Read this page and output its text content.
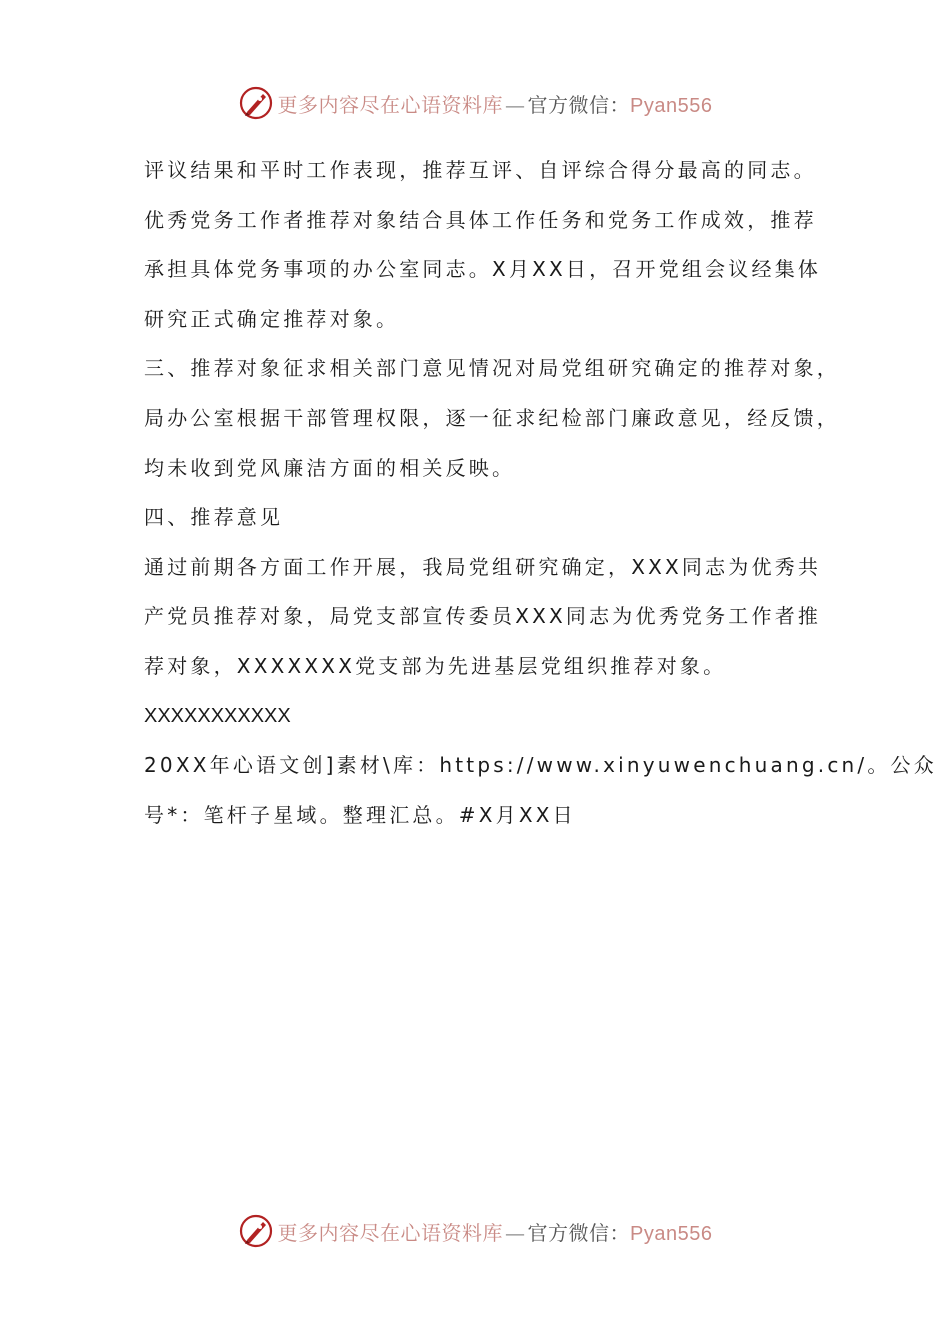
更多内容尽在心语资料库 — 官方微信：Pyan556

评议结果和平时工作表现，推荐互评、自评综合得分最高的同志。

优秀党务工作者推荐对象结合具体工作任务和党务工作成效，推荐

承担具体党务事项的办公室同志。X月XX日，召开党组会议经集体

研究正式确定推荐对象。

三、推荐对象征求相关部门意见情况对局党组研究确定的推荐对象，

局办公室根据干部管理权限，逐一征求纪检部门廉政意见，经反馈，

均未收到党风廉洁方面的相关反映。

四、推荐意见

通过前期各方面工作开展，我局党组研究确定，XXX同志为优秀共

产党员推荐对象，局党支部宣传委员XXX同志为优秀党务工作者推

荐对象，XXXXXXX党支部为先进基层党组织推荐对象。

XXXXXXXXXXX

20XX年心语文创]素材\库：https://www.xinyuwenchuang.cn/。公众

号*：笔杆子星域。整理汇总。#X月XX日

更多内容尽在心语资料库 — 官方微信：Pyan556
